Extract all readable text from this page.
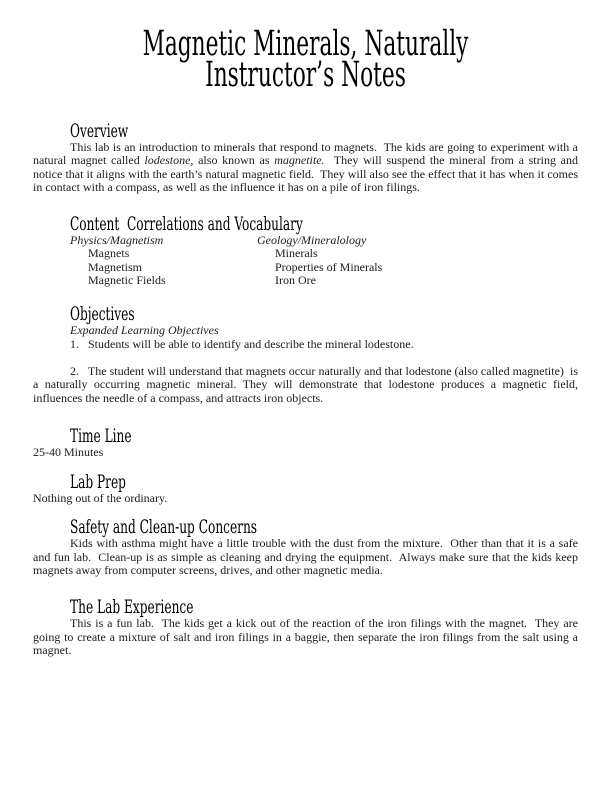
Magnetic Minerals, Naturally
Instructor’s Notes
Overview

This lab is an introduction to minerals that respond to magnets.  The kids are going to experiment with a natural magnet called lodestone, also known as magnetite.  They will suspend the mineral from a string and notice that it aligns with the earth’s natural magnetic field.  They will also see the effect that it has when it comes in contact with a compass, as well as the influence it has on a pile of iron filings.

Content  Correlations and Vocabulary
Physics/Magnetism
Magnets
Magnetism
Magnetic Fields
Geology/Mineralology
Minerals
Properties of Minerals
Iron Ore
Objectives
Expanded Learning Objectives

1.   Students will be able to identify and describe the mineral lodestone.

2.   The student will understand that magnets occur naturally and that lodestone (also called magnetite)  is a naturally occurring magnetic mineral. They will demonstrate that lodestone produces a magnetic field, influences the needle of a compass, and attracts iron objects.

Time Line

25-40 Minutes

Lab Prep

Nothing out of the ordinary.

Safety and Clean-up Concerns

Kids with asthma might have a little trouble with the dust from the mixture.  Other than that it is a safe and fun lab.  Clean-up is as simple as cleaning and drying the equipment.  Always make sure that the kids keep magnets away from computer screens, drives, and other magnetic media.

The Lab Experience

This is a fun lab.  The kids get a kick out of the reaction of the iron filings with the magnet.  They are going to create a mixture of salt and iron filings in a baggie, then separate the iron filings from the salt using a magnet.
